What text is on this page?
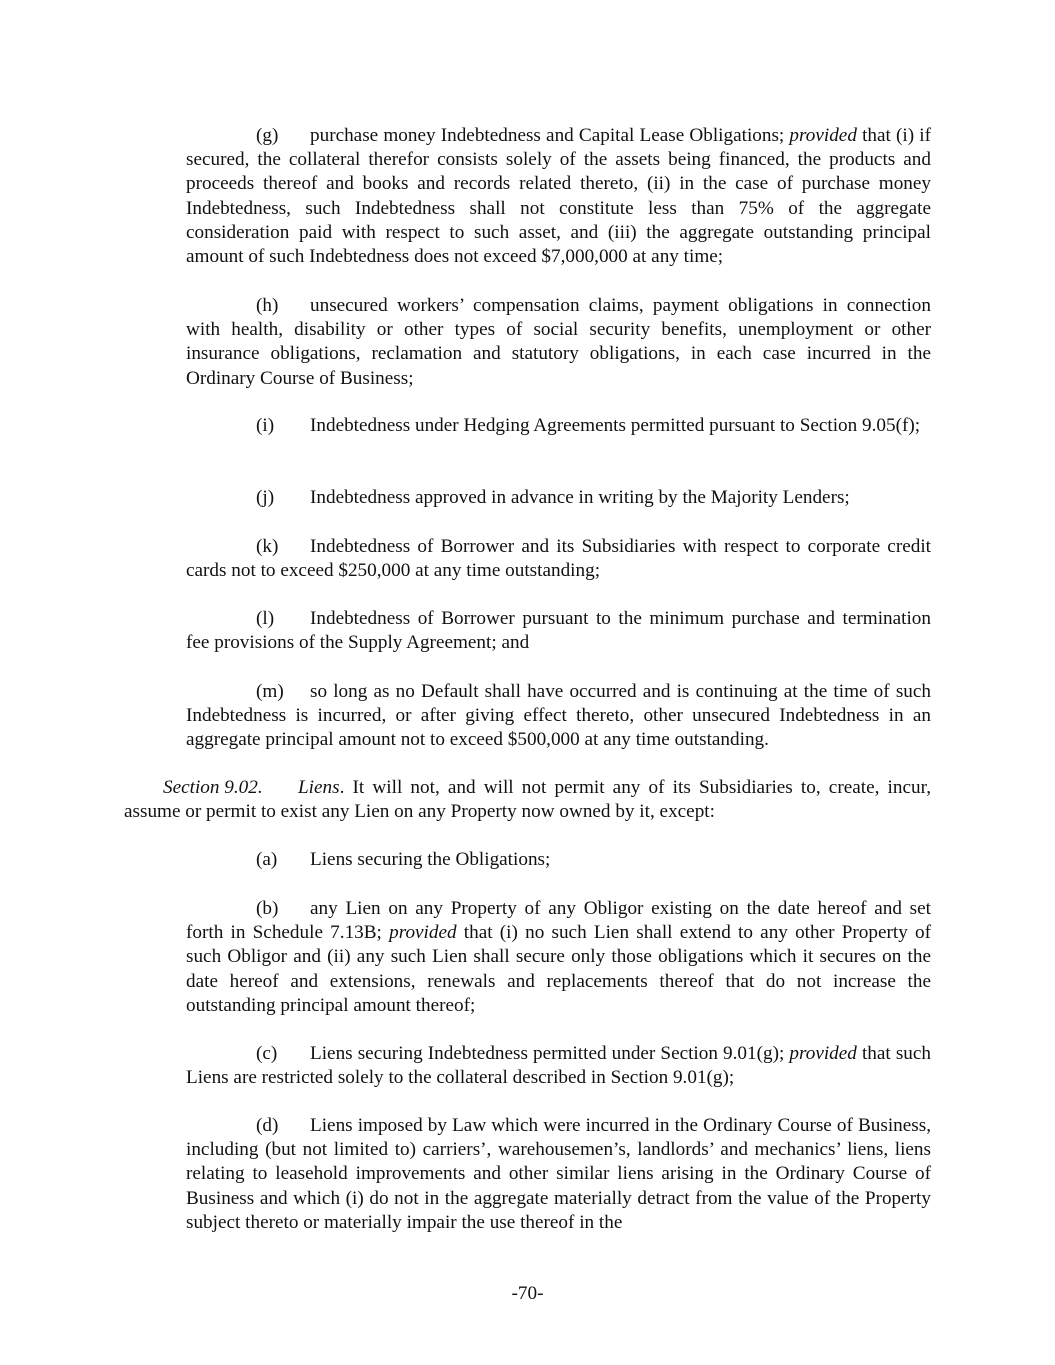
(g) purchase money Indebtedness and Capital Lease Obligations; provided that (i) if secured, the collateral therefor consists solely of the assets being financed, the products and proceeds thereof and books and records related thereto, (ii) in the case of purchase money Indebtedness, such Indebtedness shall not constitute less than 75% of the aggregate consideration paid with respect to such asset, and (iii) the aggregate outstanding principal amount of such Indebtedness does not exceed $7,000,000 at any time;

(h) unsecured workers’ compensation claims, payment obligations in connection with health, disability or other types of social security benefits, unemployment or other insurance obligations, reclamation and statutory obligations, in each case incurred in the Ordinary Course of Business;

(i) Indebtedness under Hedging Agreements permitted pursuant to Section 9.05(f);

(j) Indebtedness approved in advance in writing by the Majority Lenders;

(k) Indebtedness of Borrower and its Subsidiaries with respect to corporate credit cards not to exceed $250,000 at any time outstanding;

(l) Indebtedness of Borrower pursuant to the minimum purchase and termination fee provisions of the Supply Agreement; and

(m) so long as no Default shall have occurred and is continuing at the time of such Indebtedness is incurred, or after giving effect thereto, other unsecured Indebtedness in an aggregate principal amount not to exceed $500,000 at any time outstanding.

Section 9.02. Liens. It will not, and will not permit any of its Subsidiaries to, create, incur, assume or permit to exist any Lien on any Property now owned by it, except:

(a) Liens securing the Obligations;

(b) any Lien on any Property of any Obligor existing on the date hereof and set forth in Schedule 7.13B; provided that (i) no such Lien shall extend to any other Property of such Obligor and (ii) any such Lien shall secure only those obligations which it secures on the date hereof and extensions, renewals and replacements thereof that do not increase the outstanding principal amount thereof;

(c) Liens securing Indebtedness permitted under Section 9.01(g); provided that such Liens are restricted solely to the collateral described in Section 9.01(g);

(d) Liens imposed by Law which were incurred in the Ordinary Course of Business, including (but not limited to) carriers’, warehousemen’s, landlords’ and mechanics’ liens, liens relating to leasehold improvements and other similar liens arising in the Ordinary Course of Business and which (i) do not in the aggregate materially detract from the value of the Property subject thereto or materially impair the use thereof in the

-70-
